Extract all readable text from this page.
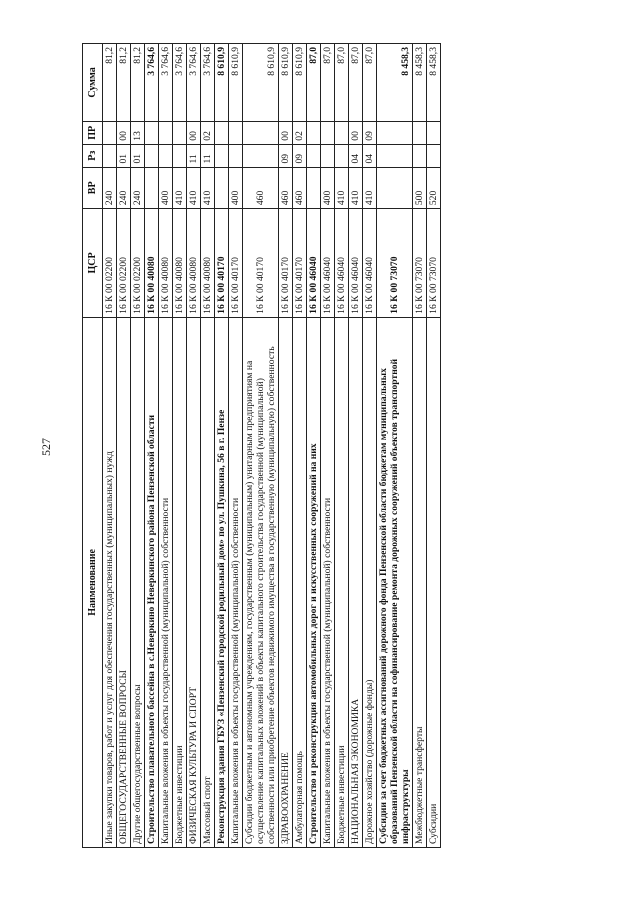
527
Наименование	ЦСР	ВР	Рз	ПР	Сумма
Иные закупки товаров, работ и услуг для обеспечения государственных (муниципальных) нужд	16 К 00 02200	240			81,2
ОБЩЕГОСУДАРСТВЕННЫЕ ВОПРОСЫ	16 К 00 02200	240	01	00	81,2
Другие общегосударственные вопросы	16 К 00 02200	240	01	13	81,2
Строительство плавательного бассейна в с.Неверкино Неверкинского района Пензенской области	16 К 00 40080				3 764,6
Капитальные вложения в объекты государственной (муниципальной) собственности	16 К 00 40080	400			3 764,6
Бюджетные инвестиции	16 К 00 40080	410			3 764,6
ФИЗИЧЕСКАЯ КУЛЬТУРА И СПОРТ	16 К 00 40080	410	11	00	3 764,6
Массовый спорт	16 К 00 40080	410	11	02	3 764,6
Реконструкция здания ГБУЗ «Пензенский городской родильный дом» по ул. Пушкина, 56 в г. Пензе	16 К 00 40170				8 610,9
Капитальные вложения в объекты государственной (муниципальной) собственности	16 К 00 40170	400			8 610,9
Субсидии бюджетным и автономным учреждениям, государственным (муниципальным) унитарным предприятиям на осуществление капитальных вложений в объекты капитального строительства государственной (муниципальной) собственности или приобретение объектов недвижимого имущества в государственную (муниципальную) собственность	16 К 00 40170	460			8 610,9
ЗДРАВООХРАНЕНИЕ	16 К 00 40170	460	09	00	8 610,9
Амбулаторная помощь	16 К 00 40170	460	09	02	8 610,9
Строительство и реконструкция автомобильных дорог и искусственных сооружений на них	16 К 00 46040				87,0
Капитальные вложения в объекты государственной (муниципальной) собственности	16 К 00 46040	400			87,0
Бюджетные инвестиции	16 К 00 46040	410			87,0
НАЦИОНАЛЬНАЯ ЭКОНОМИКА	16 К 00 46040	410	04	00	87,0
Дорожное хозяйство (дорожные фонды)	16 К 00 46040	410	04	09	87,0
Субсидии за счет бюджетных ассигнований дорожного фонда Пензенской области бюджетам муниципальных образований Пензенской области на софинансирование ремонта дорожных сооружений объектов транспортной инфраструктуры	16 К 00 73070				8 458,3
Межбюджетные трансферты	16 К 00 73070	500			8 458,3
Субсидии	16 К 00 73070	520			8 458,3
